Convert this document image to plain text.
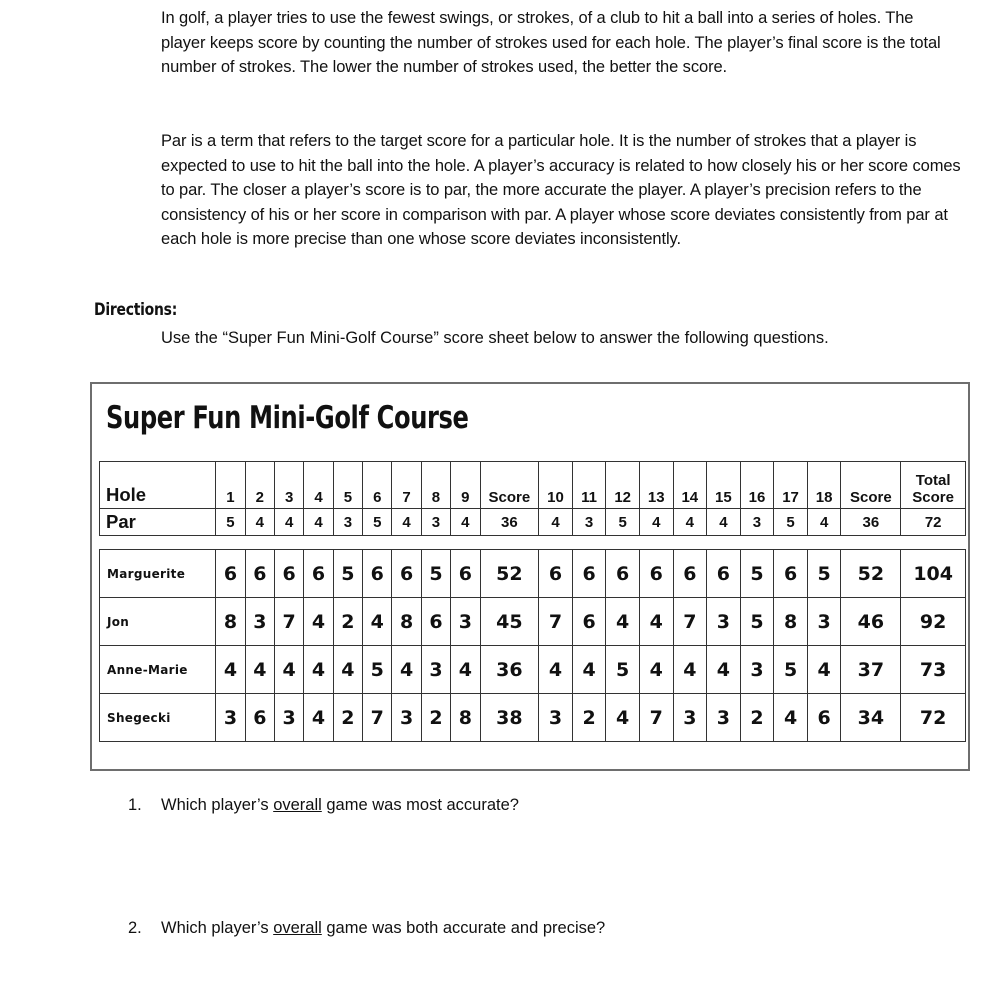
In golf, a player tries to use the fewest swings, or strokes, of a club to hit a ball into a series of holes. The player keeps score by counting the number of strokes used for each hole. The player’s final score is the total number of strokes. The lower the number of strokes used, the better the score.
Par is a term that refers to the target score for a particular hole. It is the number of strokes that a player is expected to use to hit the ball into the hole. A player’s accuracy is related to how closely his or her score comes to par. The closer a player’s score is to par, the more accurate the player. A player’s precision refers to the consistency of his or her score in comparison with par. A player whose score deviates consistently from par at each hole is more precise than one whose score deviates inconsistently.
Directions:
Use the “Super Fun Mini-Golf Course” score sheet below to answer the following questions.
Super Fun Mini-Golf Course
Hole	1	2	3	4	5	6	7	8	9	Score	10	11	12	13	14	15	16	17	18	Score	Total
Score
Par	5	4	4	4	3	5	4	3	4	36	4	3	5	4	4	4	3	5	4	36	72
Marguerite	6	6	6	6	5	6	6	5	6	52	6	6	6	6	6	6	5	6	5	52	104
Jon	8	3	7	4	2	4	8	6	3	45	7	6	4	4	7	3	5	8	3	46	92
Anne-Marie	4	4	4	4	4	5	4	3	4	36	4	4	5	4	4	4	3	5	4	37	73
Shegecki	3	6	3	4	2	7	3	2	8	38	3	2	4	7	3	3	2	4	6	34	72
1. Which player’s overall game was most accurate?
2. Which player’s overall game was both accurate and precise?
